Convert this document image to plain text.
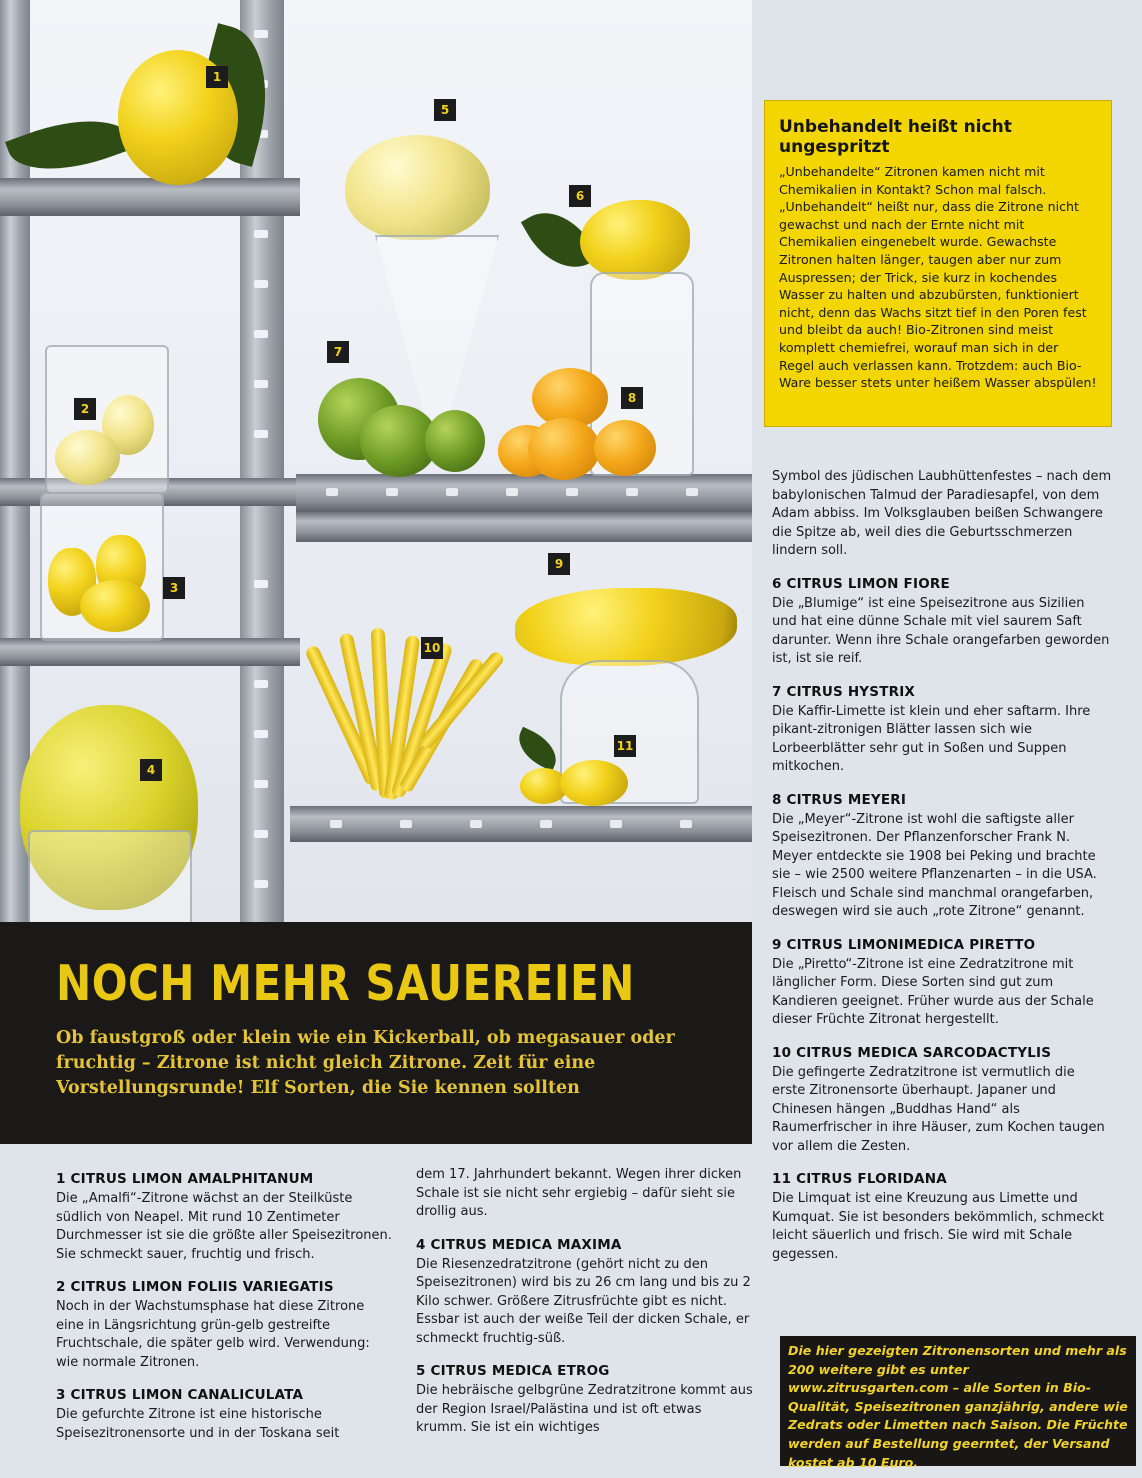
1
2
3
4
5
6
7
8
9
10
11
Unbehandelt heißt nicht ungespritzt

„Unbehandelte“ Zitronen kamen nicht mit Chemikalien in Kontakt? Schon mal falsch. „Unbehandelt“ heißt nur, dass die Zitrone nicht gewachst und nach der Ernte nicht mit Chemikalien eingenebelt wurde. Gewachste Zitronen halten länger, taugen aber nur zum Auspressen; der Trick, sie kurz in kochendes Wasser zu halten und abzubürsten, funktioniert nicht, denn das Wachs sitzt tief in den Poren fest und bleibt da auch! Bio-Zitronen sind meist komplett chemiefrei, worauf man sich in der Regel auch verlassen kann. Trotzdem: auch Bio-Ware besser stets unter heißem Wasser abspülen!

Symbol des jüdischen Laubhüttenfestes – nach dem babylonischen Talmud der Paradiesapfel, von dem Adam abbiss. Im Volksglauben beißen Schwangere die Spitze ab, weil dies die Geburtsschmerzen lindern soll.

6 CITRUS LIMON FIORE

Die „Blumige“ ist eine Speisezitrone aus Sizilien und hat eine dünne Schale mit viel saurem Saft darunter. Wenn ihre Schale orangefarben geworden ist, ist sie reif.

7 CITRUS HYSTRIX

Die Kaffir-Limette ist klein und eher saftarm. Ihre pikant-zitronigen Blätter lassen sich wie Lorbeerblätter sehr gut in Soßen und Suppen mitkochen.

8 CITRUS MEYERI

Die „Meyer“-Zitrone ist wohl die saftigste aller Speisezitronen. Der Pflanzenforscher Frank N. Meyer entdeckte sie 1908 bei Peking und brachte sie – wie 2500 weitere Pflanzenarten – in die USA. Fleisch und Schale sind manchmal orangefarben, deswegen wird sie auch „rote Zitrone“ genannt.

9 CITRUS LIMONIMEDICA PIRETTO

Die „Piretto“-Zitrone ist eine Zedratzitrone mit länglicher Form. Diese Sorten sind gut zum Kandieren geeignet. Früher wurde aus der Schale dieser Früchte Zitronat hergestellt.

10 CITRUS MEDICA SARCODACTYLIS

Die gefingerte Zedratzitrone ist vermutlich die erste Zitronensorte überhaupt. Japaner und Chinesen hängen „Buddhas Hand“ als Raumerfrischer in ihre Häuser, zum Kochen taugen vor allem die Zesten.

11 CITRUS FLORIDANA

Die Limquat ist eine Kreuzung aus Limette und Kumquat. Sie ist besonders bekömmlich, schmeckt leicht säuerlich und frisch. Sie wird mit Schale gegessen.

NOCH MEHR SAUEREIEN

Ob faustgroß oder klein wie ein Kickerball, ob megasauer oder fruchtig – Zitrone ist nicht gleich Zitrone. Zeit für eine Vorstellungsrunde! Elf Sorten, die Sie kennen sollten

1 CITRUS LIMON AMALPHITANUM

Die „Amalfi“-Zitrone wächst an der Steilküste südlich von Neapel. Mit rund 10 Zentimeter Durchmesser ist sie die größte aller Speisezitronen. Sie schmeckt sauer, fruchtig und frisch.

2 CITRUS LIMON FOLIIS VARIEGATIS

Noch in der Wachstumsphase hat diese Zitrone eine in Längsrichtung grün-gelb gestreifte Fruchtschale, die später gelb wird. Verwendung: wie normale Zitronen.

3 CITRUS LIMON CANALICULATA

Die gefurchte Zitrone ist eine historische Speisezitronensorte und in der Toskana seit

dem 17. Jahrhundert bekannt. Wegen ihrer dicken Schale ist sie nicht sehr ergiebig – dafür sieht sie drollig aus.

4 CITRUS MEDICA MAXIMA

Die Riesenzedratzitrone (gehört nicht zu den Speisezitronen) wird bis zu 26 cm lang und bis zu 2 Kilo schwer. Größere Zitrusfrüchte gibt es nicht. Essbar ist auch der weiße Teil der dicken Schale, er schmeckt fruchtig-süß.

5 CITRUS MEDICA ETROG

Die hebräische gelbgrüne Zedratzitrone kommt aus der Region Israel/Palästina und ist oft etwas krumm. Sie ist ein wichtiges

Die hier gezeigten Zitronensorten und mehr als 200 weitere gibt es unter www.zitrusgarten.com – alle Sorten in Bio-Qualität, Speisezitronen ganzjährig, andere wie Zedrats oder Limetten nach Saison. Die Früchte werden auf Bestellung geerntet, der Versand kostet ab 10 Euro.
